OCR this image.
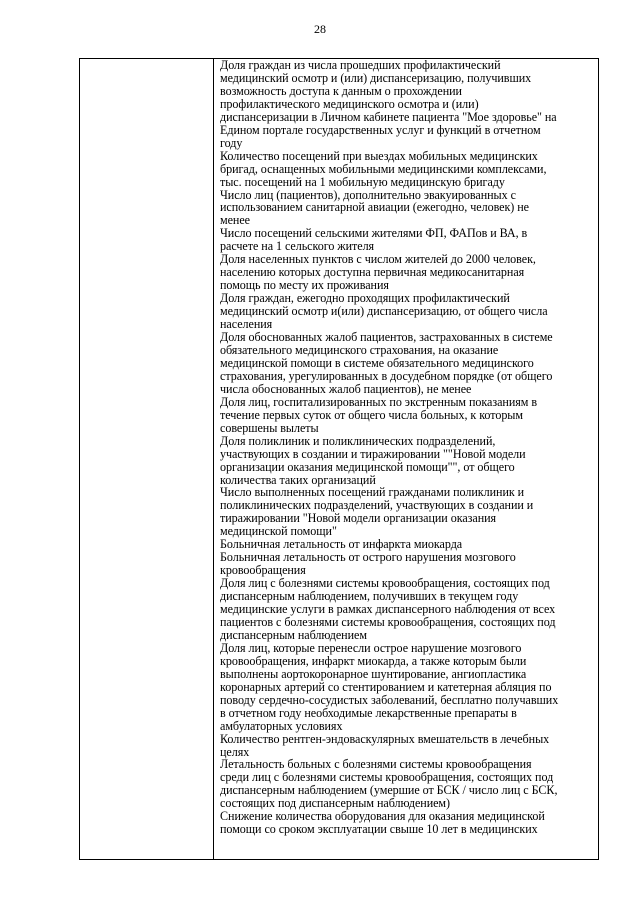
28

Доля граждан из числа прошедших профилактический
медицинский осмотр и (или) диспансеризацию, получивших
возможность доступа к данным о прохождении
профилактического медицинского осмотра и (или)
диспансеризации в Личном кабинете пациента "Мое здоровье" на
Едином портале государственных услуг и функций в отчетном
году

Количество посещений при выездах мобильных медицинских
бригад, оснащенных мобильными медицинскими комплексами,
тыс. посещений на 1 мобильную медицинскую бригаду

Число лиц (пациентов), дополнительно эвакуированных с
использованием санитарной авиации (ежегодно, человек) не
менее

Число посещений сельскими жителями ФП, ФАПов и ВА, в
расчете на 1 сельского жителя

Доля населенных пунктов с числом жителей до 2000 человек,
населению которых доступна первичная медикосанитарная
помощь по месту их проживания

Доля граждан, ежегодно проходящих профилактический
медицинский осмотр и(или) диспансеризацию, от общего числа
населения

Доля обоснованных жалоб пациентов, застрахованных в системе
обязательного медицинского страхования, на оказание
медицинской помощи в системе обязательного медицинского
страхования, урегулированных в досудебном порядке (от общего
числа обоснованных жалоб пациентов), не менее

Доля лиц, госпитализированных по экстренным показаниям в
течение первых суток от общего числа больных, к которым
совершены вылеты

Доля поликлиник и поликлинических подразделений,
участвующих в создании и тиражировании ""Новой модели
организации оказания медицинской помощи"", от общего
количества таких организаций

Число выполненных посещений гражданами поликлиник и
поликлинических подразделений, участвующих в создании и
тиражировании "Новой модели организации оказания
медицинской помощи"

Больничная летальность от инфаркта миокарда

Больничная летальность от острого нарушения мозгового
кровообращения

Доля лиц с болезнями системы кровообращения, состоящих под
диспансерным наблюдением, получивших в текущем году
медицинские услуги в рамках диспансерного наблюдения от всех
пациентов с болезнями системы кровообращения, состоящих под
диспансерным наблюдением

Доля лиц, которые перенесли острое нарушение мозгового
кровообращения, инфаркт миокарда, а также которым были
выполнены аортокоронарное шунтирование, ангиопластика
коронарных артерий со стентированием и катетерная абляция по
поводу сердечно-сосудистых заболеваний, бесплатно получавших
в отчетном году необходимые лекарственные препараты в
амбулаторных условиях

Количество рентген-эндоваскулярных вмешательств в лечебных
целях

Летальность больных с болезнями системы кровообращения
среди лиц с болезнями системы кровообращения, состоящих под
диспансерным наблюдением (умершие от БСК / число лиц с БСК,
состоящих под диспансерным наблюдением)

Снижение количества оборудования для оказания медицинской
помощи со сроком эксплуатации свыше 10 лет в медицинских
